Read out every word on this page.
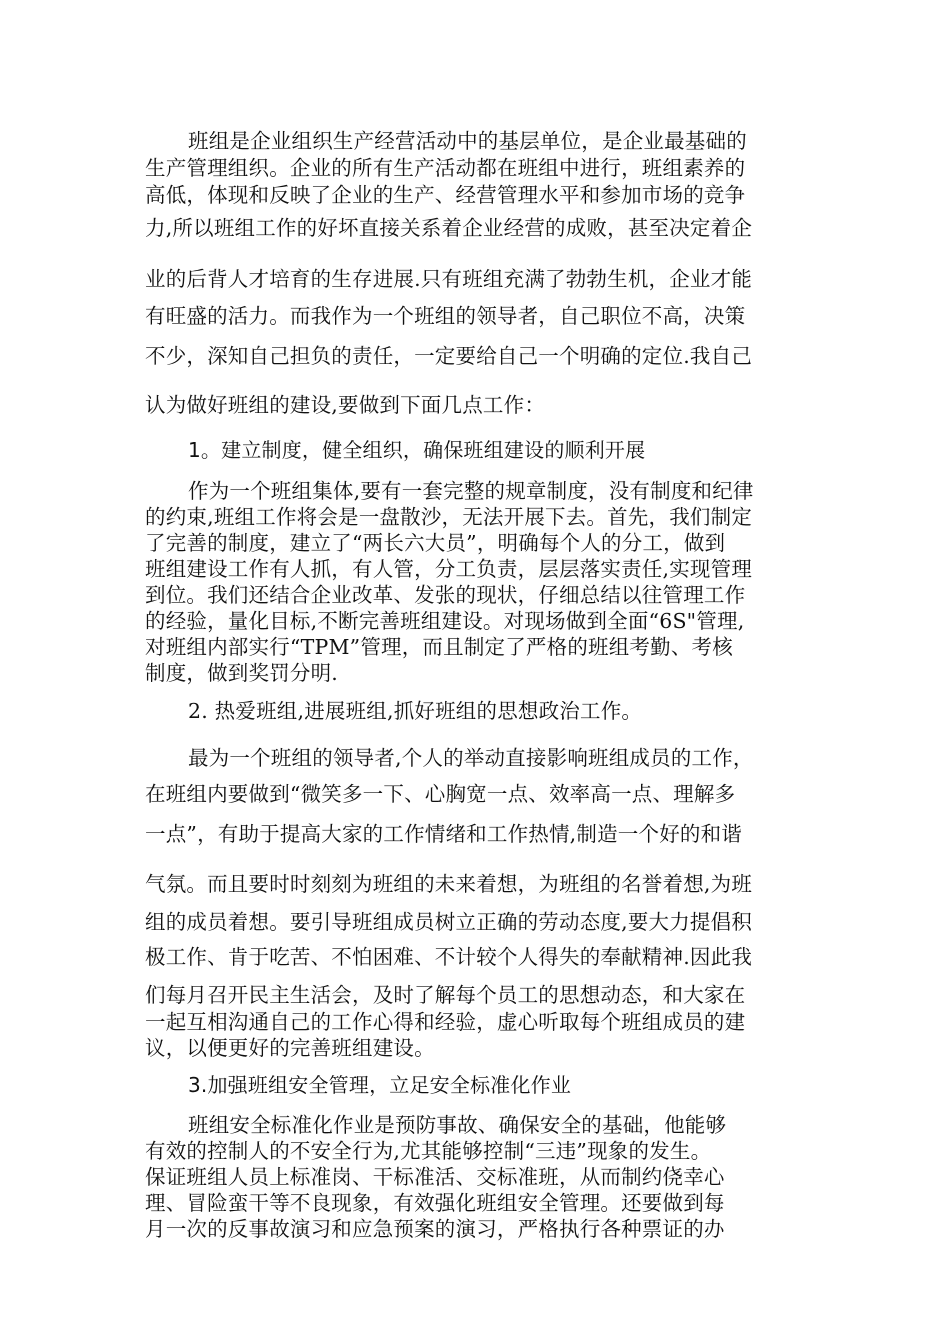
班组是企业组织生产经营活动中的基层单位，是企业最基础的
生产管理组织。企业的所有生产活动都在班组中进行，班组素养的
高低，体现和反映了企业的生产、经营管理水平和参加市场的竞争
力,所以班组工作的好坏直接关系着企业经营的成败，甚至决定着企
业的后背人才培育的生存进展.只有班组充满了勃勃生机，企业才能
有旺盛的活力。而我作为一个班组的领导者，自己职位不高，决策
不少，深知自己担负的责任，一定要给自己一个明确的定位.我自己
认为做好班组的建设,要做到下面几点工作：
1。建立制度，健全组织，确保班组建设的顺利开展
作为一个班组集体,要有一套完整的规章制度，没有制度和纪律
的约束,班组工作将会是一盘散沙，无法开展下去。首先，我们制定
了完善的制度，建立了“两长六大员”，明确每个人的分工，做到
班组建设工作有人抓，有人管，分工负责，层层落实责任,实现管理
到位。我们还结合企业改革、发张的现状，仔细总结以往管理工作
的经验，量化目标,不断完善班组建设。对现场做到全面“6S"管理,
对班组内部实行“TPM”管理，而且制定了严格的班组考勤、考核
制度，做到奖罚分明.
2. 热爱班组,进展班组,抓好班组的思想政治工作。
最为一个班组的领导者,个人的举动直接影响班组成员的工作，
在班组内要做到“微笑多一下、心胸宽一点、效率高一点、理解多
一点”，有助于提高大家的工作情绪和工作热情,制造一个好的和谐
气氛。而且要时时刻刻为班组的未来着想，为班组的名誉着想,为班
组的成员着想。要引导班组成员树立正确的劳动态度,要大力提倡积
极工作、肯于吃苦、不怕困难、不计较个人得失的奉献精神.因此我
们每月召开民主生活会，及时了解每个员工的思想动态，和大家在
一起互相沟通自己的工作心得和经验，虚心听取每个班组成员的建
议，以便更好的完善班组建设。
3.加强班组安全管理，立足安全标准化作业
班组安全标准化作业是预防事故、确保安全的基础，他能够
有效的控制人的不安全行为,尤其能够控制“三违”现象的发生。
保证班组人员上标准岗、干标准活、交标准班，从而制约侥幸心
理、冒险蛮干等不良现象，有效强化班组安全管理。还要做到每
月一次的反事故演习和应急预案的演习，严格执行各种票证的办
